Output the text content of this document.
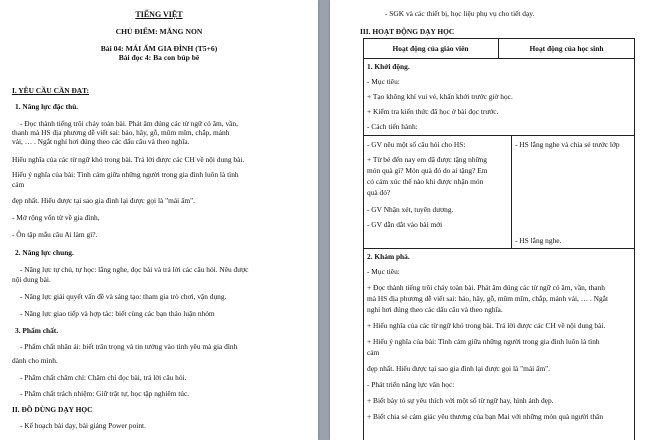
TIẾNG VIỆT
CHỦ ĐIỂM: MĂNG NON
Bài 04: MÁI ẤM GIA ĐÌNH (T5+6)
Bài đọc 4: Ba con búp bê
I. YÊU CẦU CẦN ĐẠT:
1. Năng lực đặc thù.
- Đọc thành tiếng trôi chảy toàn bài. Phát âm đúng các từ ngữ có âm, vần,
thanh mà HS địa phương dễ viết sai: bảo, hãy, gỗ, mũm mĩm, chắp, mảnh
vải, … . Ngắt nghỉ hơi đúng theo các dấu câu và theo nghĩa.
Hiểu nghĩa của các từ ngữ khó trong bài. Trả lời được các CH về nội dung bài.
Hiểu ý nghĩa của bài: Tình cảm giữa những người trong gia đình luôn là tình
cảm
đẹp nhất. Hiểu được tại sao gia đình lại được gọi là "mái ấm".
- Mở rộng vốn từ về gia đình,
- Ôn tập mẫu câu Ai làm gì?.
2. Năng lực chung.
- Năng lực tự chủ, tự học: lắng nghe, đọc bài và trả lời các câu hỏi. Nêu được
nội dung bài.
- Năng lực giải quyết vấn đề và sáng tạo: tham gia trò chơi, vận dụng.
- Năng lực giao tiếp và hợp tác: biết cùng các bạn thảo luận nhóm
3. Phẩm chất.
- Phẩm chất nhân ái: biết trân trọng và tin tưởng vào tình yêu mà gia đình
dành cho mình.
- Phẩm chất chăm chỉ: Chăm chỉ đọc bài, trả lời câu hỏi.
- Phẩm chất trách nhiệm: Giữ trật tự, học tập nghiêm túc.
II. ĐỒ DÙNG DẠY HỌC
- Kế hoạch bài dạy, bài giảng Power point.
- SGK và các thiết bị, học liệu phụ vụ cho tiết dạy.
III. HOẠT ĐỘNG DẠY HỌC
Hoạt động của giáo viên	Hoạt động của học sinh
1. Khởi động.
- Mục tiêu:
+ Tạo không khí vui vẻ, khấn khởi trước giờ học.
+ Kiểm tra kiến thức đã học ở bài đọc trước.
- Cách tiến hành:
- GV nêu một số câu hỏi cho HS:
+ Từ bé đến nay em đã được tặng những
món quà gì? Món quà đó do ai tặng? Em
có cảm xúc thế nào khi được nhận món
quà đó?
- GV Nhận xét, tuyên dương.
- GV dẫn dắt vào bài mới
- HS lắng nghe và chia sẻ trước lớp
- HS lắng nghe.
2. Khám phá.
- Mục tiêu:
+ Đọc thành tiếng trôi chảy toàn bài. Phát âm đúng các từ ngữ có âm, vần, thanh
mà HS địa phương dễ viết sai: bảo, hãy, gỗ, mũm mĩm, chắp, mảnh vải, … . Ngắt
nghỉ hơi đúng theo các dấu câu và theo nghĩa.
+ Hiểu nghĩa của các từ ngữ khó trong bài. Trả lời được các CH về nội dung bài.
+ Hiểu ý nghĩa của bài: Tình cảm giữa những người trong gia đình luôn là tình
cảm
đẹp nhất. Hiểu được tại sao gia đình lại được gọi là "mái ấm".
- Phát triển năng lực văn học:
+ Biết bày tỏ sự yêu thích với một số từ ngữ hay, hình ảnh đẹp.
+ Biết chia sẻ cảm giác yêu thương của bạn Mai với những món quà người thân
